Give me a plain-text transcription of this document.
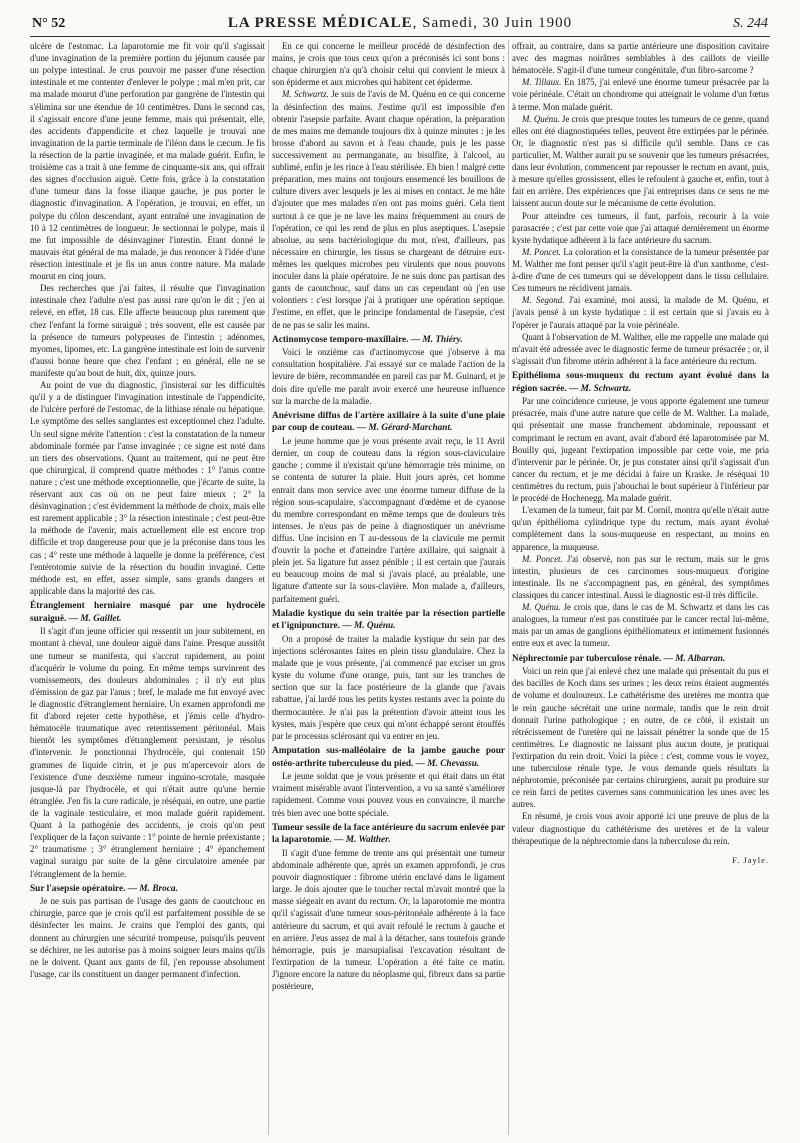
N° 52	LA PRESSE MÉDICALE, Samedi, 30 Juin 1900	S. 244

ulcère de l'estomac. La laparotomie me fit voir qu'il s'agissait d'une invagination de la première portion du jéjunum causée par un polype intestinal. Je crus pouvoir me passer d'une résection intestinale et me contenter d'enlever le polype ; mal m'en prit, car ma malade mourut d'une perforation par gangrène de l'intestin qui s'élimina sur une étendue de 10 centimètres. Dans le second cas, il s'agissait encore d'une jeune femme, mais qui présentait, elle, des accidents d'appendicite et chez laquelle je trouvai une invagination de la partie terminale de l'iléon dans le cæcum. Je fis la résection de la partie invaginée, et ma malade guérit. Enfin, le troisième cas a trait à une femme de cinquante-six ans, qui offrait des signes d'occlusion aiguë. Cette fois, grâce à la constatation d'une tumeur dans la fosse iliaque gauche, je pus porter le diagnostic d'invagination. A l'opération, je trouvai, en effet, un polype du côlon descendant, ayant entraîné une invagination de 10 à 12 centimètres de longueur. Je sectionnai le polype, mais il me fut impossible de désinvaginer l'intestin. Etant donné le mauvais état général de ma malade, je dus renoncer à l'idée d'une résection intestinale et je fis un anus contre nature. Ma malade mourut en cinq jours.

Des recherches que j'ai faites, il résulte que l'invagination intestinale chez l'adulte n'est pas aussi rare qu'on le dit ; j'en ai relevé, en effet, 18 cas. Elle affecte beaucoup plus rarement que chez l'enfant la forme suraiguë ; très souvent, elle est causée par la présence de tumeurs polypeuses de l'intestin ; adénomes, myomes, lipomes, etc. La gangrène intestinale est loin de survenir d'aussi bonne heure que chez l'enfant ; en général, elle ne se manifeste qu'au bout de huit, dix, quinze jours.

Au point de vue du diagnostic, j'insisterai sur les difficultés qu'il y a de distinguer l'invagination intestinale de l'appendicite, de l'ulcère perforé de l'estomac, de la lithiase rénale ou hépatique. Le symptôme des selles sanglantes est exceptionnel chez l'adulte. Un seul signe mérite l'attention : c'est la constatation de la tumeur abdominale formée par l'anse invaginée ; ce signe est noté dans un tiers des observations. Quant au traitement, qui ne peut être que chirurgical, il comprend quatre méthodes : 1° l'anus contre nature ; c'est une méthode exceptionnelle, que j'écarte de suite, la réservant aux cas où on ne peut faire mieux ; 2° la désinvagination ; c'est évidemment la méthode de choix, mais elle est rarement applicable ; 3° la résection intestinale ; c'est peut-être la méthode de l'avenir, mais actuellement elle est encore trop difficile et trop dangereuse pour que je la préconise dans tous les cas ; 4° reste une méthode à laquelle je donne la préférence, c'est l'entérotomie suivie de la résection du boudin invaginé. Cette méthode est, en effet, assez simple, sans grands dangers et applicable dans la majorité des cas.

Étranglement herniaire masqué par une hydrocèle suraiguë. — M. Gaillet.

Il s'agit d'un jeune officier qui ressentit un jour subitement, en montant à cheval, une douleur aiguë dans l'aine. Presque aussitôt une tumeur se manifesta, qui s'accrut rapidement, au point d'acquérir le volume du poing. En même temps survinrent des vomissements, des douleurs abdominales ; il n'y eut plus d'émission de gaz par l'anus ; bref, le malade me fut envoyé avec le diagnostic d'étranglement herniaire. Un examen approfondi me fit d'abord rejeter cette hypothèse, et j'émis celle d'hydro-hématocèle traumatique avec retentissement péritonéal. Mais bientôt les symptômes d'étranglement persistant, je résolus d'intervenir. Je ponctionnai l'hydrocèle, qui contenait 150 grammes de liquide citrin, et je pus m'apercevoir alors de l'existence d'une deuxième tumeur inguino-scrotale, masquée jusque-là par l'hydrocèle, et qui n'était autre qu'une hernie étranglée. J'en fis la cure radicale, je réséquai, en outre, une partie de la vaginale testiculaire, et mon malade guérit rapidement. Quant à la pathogénie des accidents, je crois qu'on peut l'expliquer de la façon suivante : 1° pointe de hernie préexistante ; 2° traumatisme ; 3° étranglement herniaire ; 4° épanchement vaginal suraigu par suite de la gêne circulatoire amenée par l'étranglement de la hernie.

Sur l'asepsie opératoire. — M. Broca.

Je ne suis pas partisan de l'usage des gants de caoutchouc en chirurgie, parce que je crois qu'il est parfaitement possible de se désinfecter les mains. Je crains que l'emploi des gants, qui donnent au chirurgien une sécurité trompeuse, puisqu'ils peuvent se déchirer, ne les autorise pas à moins soigner leurs mains qu'ils ne le doivent. Quant aux gants de fil, j'en repousse absolument l'usage, car ils constituent un danger permanent d'infection.

En ce qui concerne le meilleur procédé de désinfection des mains, je crois que tous ceux qu'on a préconisés ici sont bons : chaque chirurgien n'a qu'à choisir celui qui convient le mieux à son épiderme et aux microbes qui habitent cet épiderme.

M. Schwartz. Je suis de l'avis de M. Quénu en ce qui concerne la désinfection des mains. J'estime qu'il est impossible d'en obtenir l'asepsie parfaite. Avant chaque opération, la préparation de mes mains me demande toujours dix à quinze minutes : je les brosse d'abord au savon et à l'eau chaude, puis je les passe successivement au permanganate, au bisulfite, à l'alcool, au sublimé, enfin je les rince à l'eau stérilisée. Eh bien ! malgré cette préparation, mes mains ont toujours ensemencé les bouillons de culture divers avec lesquels je les ai mises en contact. Je me hâte d'ajouter que mes malades n'en ont pas moins guéri. Cela tient surtout à ce que je ne lave les mains fréquemment au cours de l'opération, ce qui les rend de plus en plus aseptiques. L'asepsie absolue, au sens bactériologique du mot, n'est, d'ailleurs, pas nécessaire en chirurgie, les tissus se chargeant de détruire eux-mêmes les quelques microbes peu virulents que nous pouvons inoculer dans la plaie opératoire. Je ne suis donc pas partisan des gants de caoutchouc, sauf dans un cas cependant où j'en use volontiers : c'est lorsque j'ai à pratiquer une opération septique. J'estime, en effet, que le principe fondamental de l'asepsie, c'est de ne pas se salir les mains.

Actinomycose temporo-maxillaire. — M. Thiéry.

Voici le onzième cas d'actinomycose que j'observe à ma consultation hospitalière. J'ai essayé sur ce malade l'action de la levure de bière, recommandée en pareil cas par M. Guinard, et je dois dire qu'elle me paraît avoir exercé une heureuse influence sur la marche de la maladie.

Anévrisme diffus de l'artère axillaire à la suite d'une plaie par coup de couteau. — M. Gérard-Marchant.

Le jeune homme que je vous présente avait reçu, le 11 Avril dernier, un coup de couteau dans la région sous-claviculaire gauche ; comme il n'existait qu'une hémorragie très minime, on se contenta de suturer la plaie. Huit jours après, cet homme entrait dans mon service avec une énorme tumeur diffuse de la région sous-scapulaire, s'accompagnant d'œdème et de cyanose du membre correspondant en même temps que de douleurs très intenses. Je n'eus pas de peine à diagnostiquer un anévrisme diffus. Une incision en T au-dessous de la clavicule me permit d'ouvrir la poche et d'atteindre l'artère axillaire, qui saignait à plein jet. Sa ligature fut assez pénible ; il est certain que j'aurais eu beaucoup moins de mal si j'avais placé, au préalable, une ligature d'attente sur la sous-clavière. Mon malade a, d'ailleurs, parfaitement guéri.

Maladie kystique du sein traitée par la résection partielle et l'ignipuncture. — M. Quénu.

On a proposé de traiter la maladie kystique du sein par des injections sclérosantes faites en plein tissu glandulaire. Chez la malade que je vous présente, j'ai commencé par exciser un gros kyste du volume d'une orange, puis, tant sur les tranches de section que sur la face postérieure de la glande que j'avais rabattue, j'ai lardé tous les petits kystes restants avec la pointe du thermocautère. Je n'ai pas la prétention d'avoir atteint tous les kystes, mais j'espère que ceux qui m'ont échappé seront étouffés par le processus sclérosant qui va entrer en jeu.

Amputation sus-malléolaire de la jambe gauche pour ostéo-arthrite tuberculeuse du pied. — M. Chevassu.

Le jeune soldat que je vous présente et qui était dans un état vraiment misérable avant l'intervention, a vu sa santé s'améliorer rapidement. Comme vous pouvez vous en convaincre, il marche très bien avec une botte spéciale.

Tumeur sessile de la face antérieure du sacrum enlevée par la laparotomie. — M. Walther.

Il s'agit d'une femme de trente ans qui présentait une tumeur abdominale adhérente que, après un examen approfondi, je crus pouvoir diagnostiquer : fibrome utérin enclavé dans le ligament large. Je dois ajouter que le toucher rectal m'avait montré que la masse siégeait en avant du rectum. Or, la laparotomie me montra qu'il s'agissait d'une tumeur sous-péritonéale adhérente à la face antérieure du sacrum, et qui avait refoulé le rectum à gauche et en arrière. J'eus assez de mal à la détacher, sans toutefois grande hémorragie, puis je marsupialisai l'excavation résultant de l'extirpation de la tumeur. L'opération a été faite ce matin. J'ignore encore la nature du néoplasme qui, fibreux dans sa partie postérieure,

offrait, au contraire, dans sa partie antérieure une disposition cavitaire avec des magmas noirâtres semblables à des caillots de vieille hématocèle. S'agit-il d'une tumeur congénitale, d'un fibro-sarcome ?

M. Tillaux. En 1875, j'ai enlevé une énorme tumeur présacrée par la voie périnéale. C'était un chondrome qui atteignait le volume d'un fœtus à terme. Mon malade guérit.

M. Quénu. Je crois que presque toutes les tumeurs de ce genre, quand elles ont été diagnostiquées telles, peuvent être extirpées par le périnée. Or, le diagnostic n'est pas si difficile qu'il semble. Dans ce cas particulier, M. Walther aurait pu se souvenir que les tumeurs présacrées, dans leur évolution, commencent par repousser le rectum en avant, puis, à mesure qu'elles grossissent, elles le refoulent à gauche et, enfin, tout à fait en arrière. Des expériences que j'ai entreprises dans ce sens ne me laissent aucun doute sur le mécanisme de cette évolution.

Pour atteindre ces tumeurs, il faut, parfois, recourir à la voie parasacrée ; c'est par cette voie que j'ai attaqué dernièrement un énorme kyste hydatique adhérent à la face antérieure du sacrum.

M. Poncet. La coloration et la consistance de la tumeur présentée par M. Walther me font penser qu'il s'agit peut-être là d'un xanthome, c'est-à-dire d'une de ces tumeurs qui se développent dans le tissu cellulaire. Ces tumeurs ne récidivent jamais.

M. Segond. J'ai examiné, moi aussi, la malade de M. Quénu, et j'avais pensé à un kyste hydatique : il est certain que si j'avais eu à l'opérer je l'aurais attaqué par la voie périnéale.

Quant à l'observation de M. Walther, elle me rappelle une malade qui m'avait été adressée avec le diagnostic ferme de tumeur présacrée ; or, il s'agissait d'un fibrome utérin adhérent à la face antérieure du rectum.

Epithélioma sous-muqueux du rectum ayant évolué dans la région sacrée. — M. Schwartz.

Par une coïncidence curieuse, je vous apporte également une tumeur présacrée, mais d'une autre nature que celle de M. Walther. La malade, qui présentait une masse franchement abdominale, repoussant et comprimant le rectum en avant, avait d'abord été laparotomisée par M. Bouilly qui, jugeant l'extirpation impossible par cette voie, me pria d'intervenir par le périnée. Or, je pus constater ainsi qu'il s'agissait d'un cancer du rectum, et je me décidai à faire un Kraske. Je réséquai 10 centimètres du rectum, puis j'abouchai le bout supérieur à l'inférieur par le procédé de Hochenegg. Ma malade guérit.

L'examen de la tumeur, fait par M. Cornil, montra qu'elle n'était autre qu'un épithélioma cylindrique type du rectum, mais ayant évolué complètement dans la sous-muqueuse en respectant, au moins en apparence, la muqueuse.

M. Poncet. J'ai observé, non pas sur le rectum, mais sur le gros intestin, plusieurs de ces carcinomes sous-muqueux d'origine intestinale. Ils ne s'accompagnent pas, en général, des symptômes classiques du cancer intestinal. Aussi le diagnostic est-il très difficile.

M. Quénu. Je crois que, dans le cas de M. Schwartz et dans les cas analogues, la tumeur n'est pas constituée par le cancer rectal lui-même, mais par un amas de ganglions épithéliomateux et intimement fusionnés entre eux et avec la tumeur.

Néphrectomie par tuberculose rénale. — M. Albarran.

Voici un rein que j'ai enlevé chez une malade qui présentait du pus et des bacilles de Koch dans ses urines ; les deux reins étaient augmentés de volume et douloureux. Le cathétérisme des uretères me montra que le rein gauche sécrétait une urine normale, tandis que le rein droit donnait l'urine pathologique ; en outre, de ce côté, il existait un rétrécissement de l'uretère qui ne laissait pénétrer la sonde que de 15 centimètres. Le diagnostic ne laissant plus aucun doute, je pratiquai l'extirpation du rein droit. Voici la pièce : c'est, comme vous le voyez, une tuberculose rénale type. Je vous demande quels résultats la néphrotomie, préconisée par certains chirurgiens, aurait pu produire sur ce rein farci de petites cavernes sans communication les unes avec les autres.

En résumé, je crois vous avoir apporté ici une preuve de plus de la valeur diagnostique du cathétérisme des uretères et de la valeur thérapeutique de la néphrectomie dans la tuberculose du rein.

F. Jayle.
